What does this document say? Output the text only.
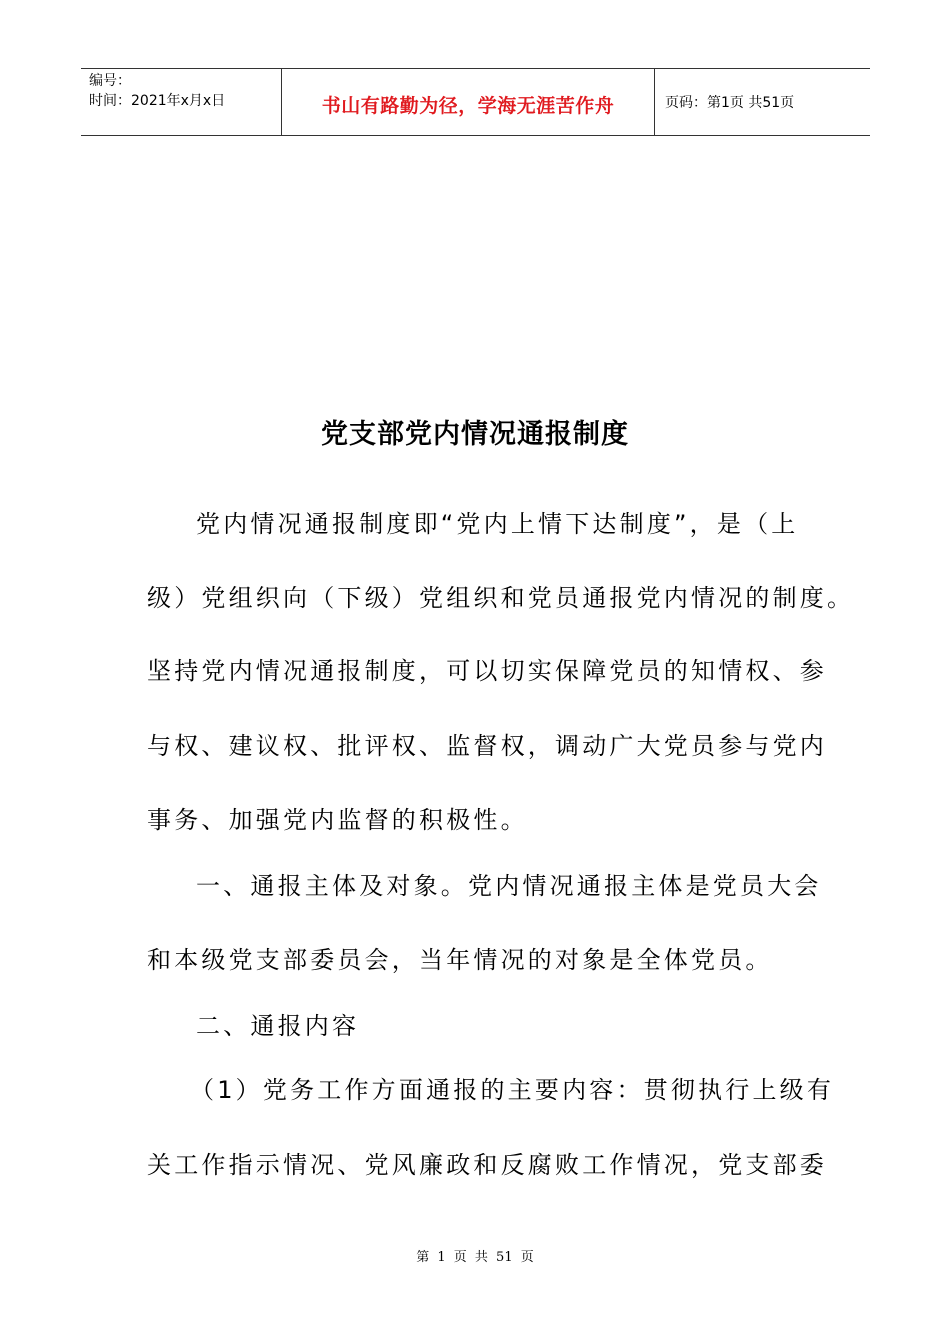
编号：
时间：2021年x月x日	书山有路勤为径，学海无涯苦作舟	页码：第1页 共51页
党支部党内情况通报制度
党内情况通报制度即“党内上情下达制度”，是（上
级）党组织向（下级）党组织和党员通报党内情况的制度。
坚持党内情况通报制度，可以切实保障党员的知情权、参
与权、建议权、批评权、监督权，调动广大党员参与党内
事务、加强党内监督的积极性。
一、通报主体及对象。党内情况通报主体是党员大会
和本级党支部委员会，当年情况的对象是全体党员。
二、通报内容
（1）党务工作方面通报的主要内容：贯彻执行上级有
关工作指示情况、党风廉政和反腐败工作情况，党支部委
第 1 页 共 51 页
